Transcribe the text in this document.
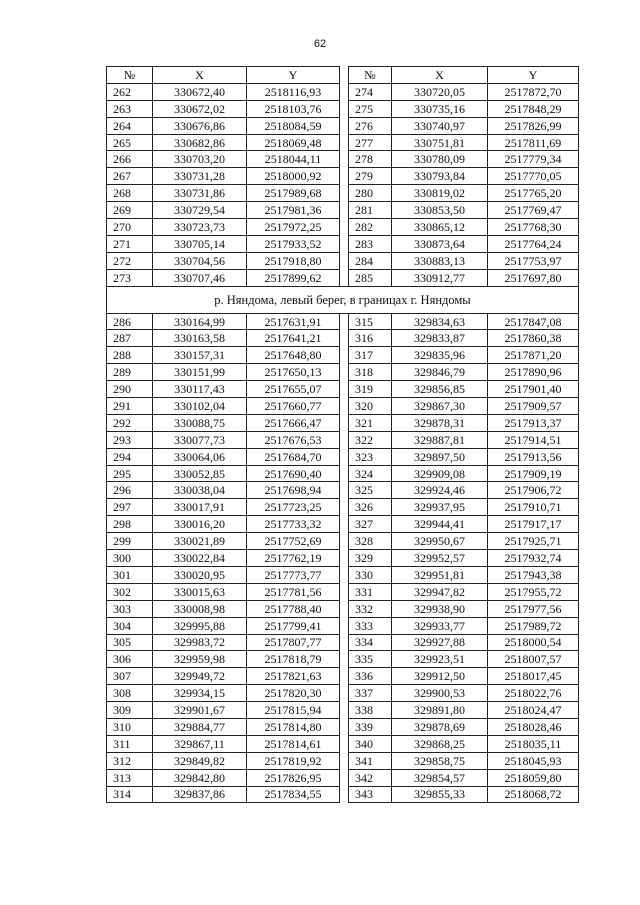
62
№	X	Y		№	X	Y
262	330672,40	2518116,93		274	330720,05	2517872,70
263	330672,02	2518103,76		275	330735,16	2517848,29
264	330676,86	2518084,59		276	330740,97	2517826,99
265	330682,86	2518069,48		277	330751,81	2517811,69
266	330703,20	2518044,11		278	330780,09	2517779,34
267	330731,28	2518000,92		279	330793,84	2517770,05
268	330731,86	2517989,68		280	330819,02	2517765,20
269	330729,54	2517981,36		281	330853,50	2517769,47
270	330723,73	2517972,25		282	330865,12	2517768,30
271	330705,14	2517933,52		283	330873,64	2517764,24
272	330704,56	2517918,80		284	330883,13	2517753,97
273	330707,46	2517899,62		285	330912,77	2517697,80
р. Няндома, левый берег, в границах г. Няндомы						
286	330164,99	2517631,91		315	329834,63	2517847,08
287	330163,58	2517641,21		316	329833,87	2517860,38
288	330157,31	2517648,80		317	329835,96	2517871,20
289	330151,99	2517650,13		318	329846,79	2517890,96
290	330117,43	2517655,07		319	329856,85	2517901,40
291	330102,04	2517660,77		320	329867,30	2517909,57
292	330088,75	2517666,47		321	329878,31	2517913,37
293	330077,73	2517676,53		322	329887,81	2517914,51
294	330064,06	2517684,70		323	329897,50	2517913,56
295	330052,85	2517690,40		324	329909,08	2517909,19
296	330038,04	2517698,94		325	329924,46	2517906,72
297	330017,91	2517723,25		326	329937,95	2517910,71
298	330016,20	2517733,32		327	329944,41	2517917,17
299	330021,89	2517752,69		328	329950,67	2517925,71
300	330022,84	2517762,19		329	329952,57	2517932,74
301	330020,95	2517773,77		330	329951,81	2517943,38
302	330015,63	2517781,56		331	329947,82	2517955,72
303	330008,98	2517788,40		332	329938,90	2517977,56
304	329995,88	2517799,41		333	329933,77	2517989,72
305	329983,72	2517807,77		334	329927,88	2518000,54
306	329959,98	2517818,79		335	329923,51	2518007,57
307	329949,72	2517821,63		336	329912,50	2518017,45
308	329934,15	2517820,30		337	329900,53	2518022,76
309	329901,67	2517815,94		338	329891,80	2518024,47
310	329884,77	2517814,80		339	329878,69	2518028,46
311	329867,11	2517814,61		340	329868,25	2518035,11
312	329849,82	2517819,92		341	329858,75	2518045,93
313	329842,80	2517826,95		342	329854,57	2518059,80
314	329837,86	2517834,55		343	329855,33	2518068,72
